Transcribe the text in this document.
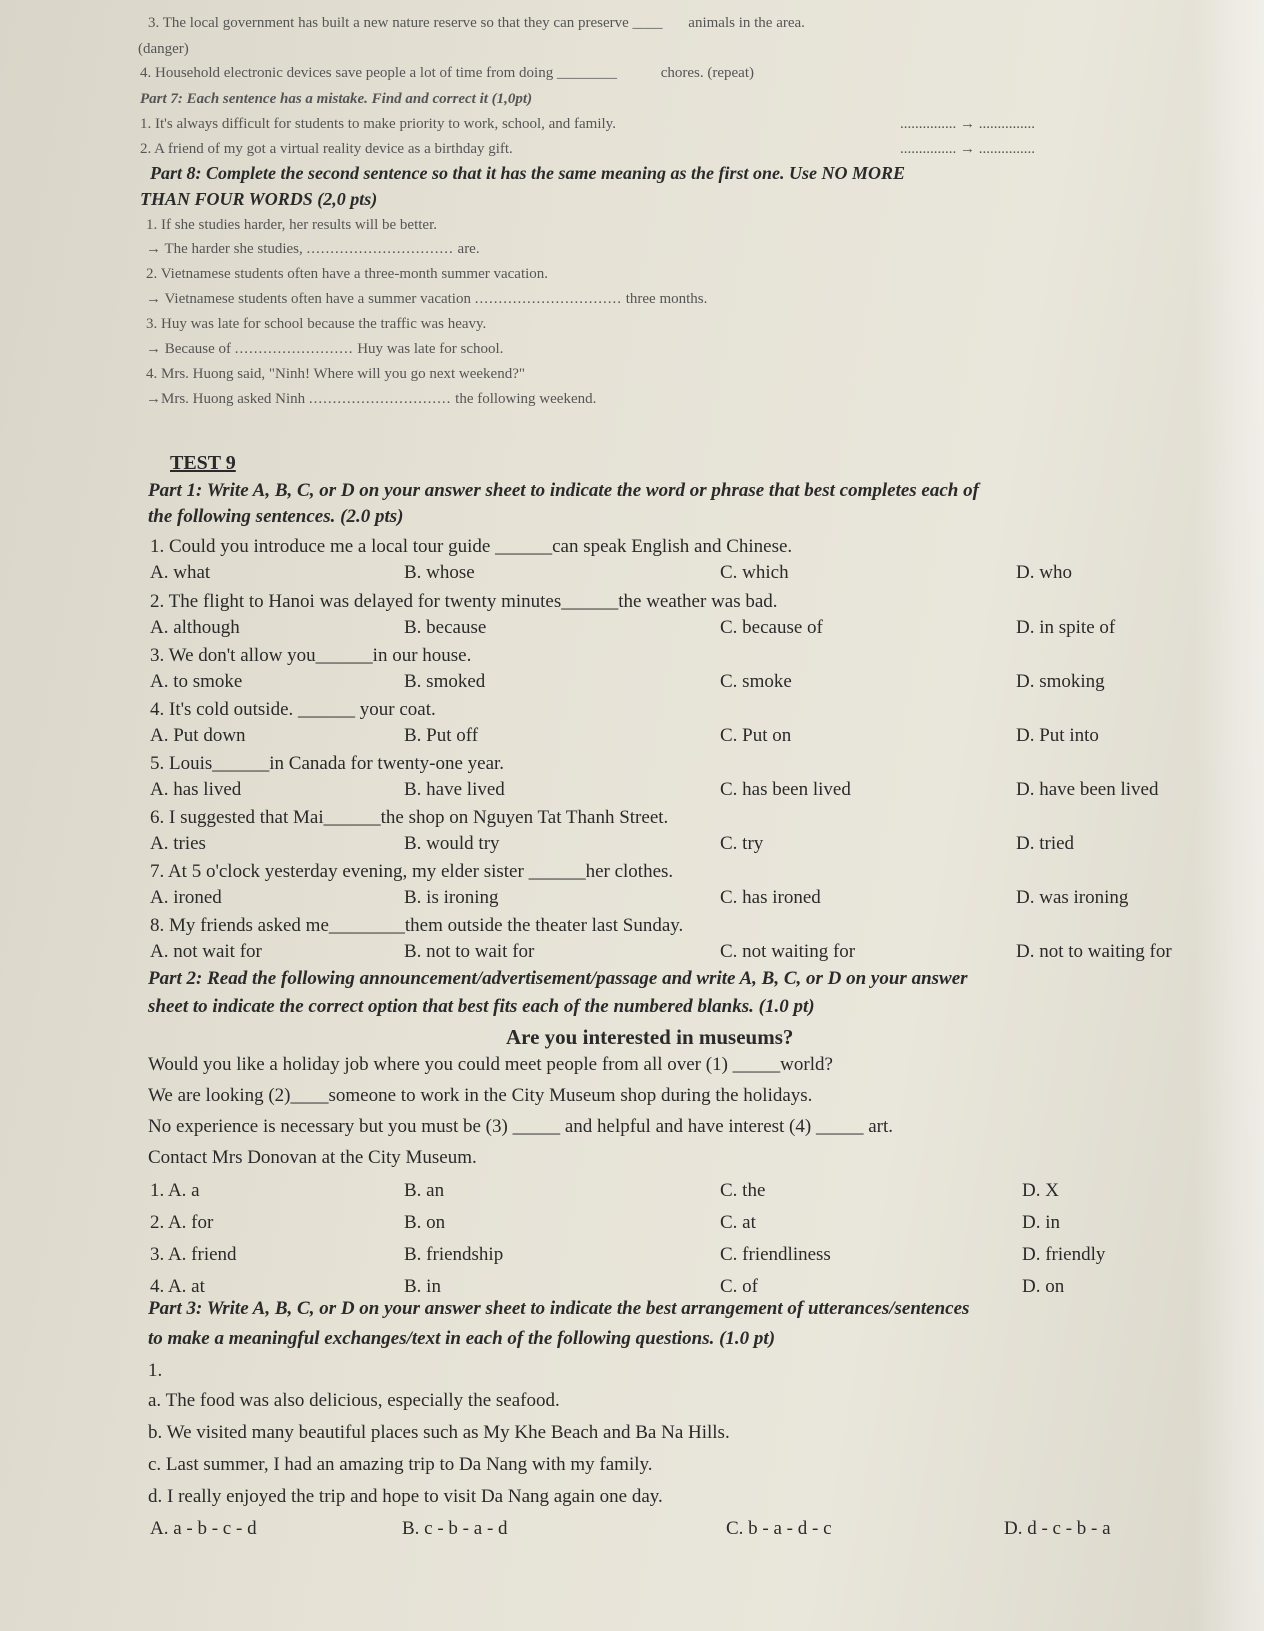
3. The local government has built a new nature reserve so that they can preserve ____ animals in the area.
(danger)
4. Household electronic devices save people a lot of time from doing ________	chores. (repeat)
Part 7: Each sentence has a mistake. Find and correct it (1,0pt)
1. It's always difficult for students to make priority to work, school, and family.	............... → ...............
2. A friend of my got a virtual reality device as a birthday gift.	............... → ...............
Part 8: Complete the second sentence so that it has the same meaning as the first one. Use NO MORE
THAN FOUR WORDS (2,0 pts)
1. If she studies harder, her results will be better.
→ The harder she studies, ............................... are.
2. Vietnamese students often have a three-month summer vacation.
→ Vietnamese students often have a summer vacation ............................... three months.
3. Huy was late for school because the traffic was heavy.
→ Because of ......................... Huy was late for school.
4. Mrs. Huong said, "Ninh! Where will you go next weekend?"
→Mrs. Huong asked Ninh .............................. the following weekend.
TEST 9
Part 1: Write A, B, C, or D on your answer sheet to indicate the word or phrase that best completes each of
the following sentences. (2.0 pts)
1. Could you introduce me a local tour guide ______can speak English and Chinese.
A. what	B. whose	C. which	D. who
2. The flight to Hanoi was delayed for twenty minutes______the weather was bad.
A. although	B. because	C. because of	D. in spite of
3. We don't allow you______in our house.
A. to smoke	B. smoked	C. smoke	D. smoking
4. It's cold outside. ______ your coat.
A. Put down	B. Put off	C. Put on	D. Put into
5. Louis______in Canada for twenty-one year.
A. has lived	B. have lived	C. has been lived	D. have been lived
6. I suggested that Mai______the shop on Nguyen Tat Thanh Street.
A. tries	B. would try	C. try	D. tried
7. At 5 o'clock yesterday evening, my elder sister ______her clothes.
A. ironed	B. is ironing	C. has ironed	D. was ironing
8. My friends asked me________them outside the theater last Sunday.
A. not wait for	B. not to wait for	C. not waiting for	D. not to waiting for
Part 2: Read the following announcement/advertisement/passage and write A, B, C, or D on your answer
sheet to indicate the correct option that best fits each of the numbered blanks. (1.0 pt)
Are you interested in museums?
Would you like a holiday job where you could meet people from all over (1) _____world?
We are looking (2)____someone to work in the City Museum shop during the holidays.
No experience is necessary but you must be (3) _____ and helpful and have interest (4) _____ art.
Contact Mrs Donovan at the City Museum.
1. A. a	B. an	C. the	D. X
2. A. for	B. on	C. at	D. in
3. A. friend	B. friendship	C. friendliness	D. friendly
4. A. at	B. in	C. of	D. on
Part 3: Write A, B, C, or D on your answer sheet to indicate the best arrangement of utterances/sentences
to make a meaningful exchanges/text in each of the following questions. (1.0 pt)
1.
a. The food was also delicious, especially the seafood.
b. We visited many beautiful places such as My Khe Beach and Ba Na Hills.
c. Last summer, I had an amazing trip to Da Nang with my family.
d. I really enjoyed the trip and hope to visit Da Nang again one day.
A. a - b - c - d	B. c - b - a - d	C. b - a - d - c	D. d - c - b - a
